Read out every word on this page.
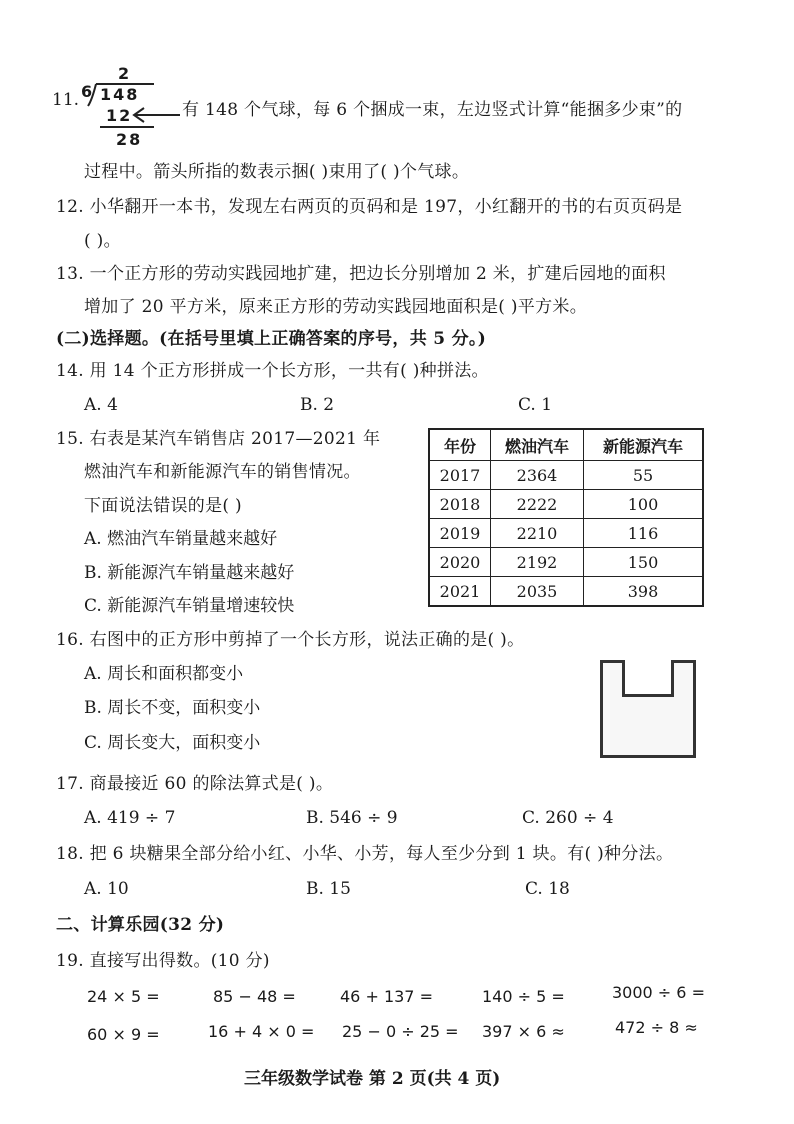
11. 6
2
148
12
28
有 148 个气球，每 6 个捆成一束，左边竖式计算“能捆多少束”的
过程中。箭头所指的数表示捆( )束用了( )个气球。
12. 小华翻开一本书，发现左右两页的页码和是 197，小红翻开的书的右页页码是
( )。
13. 一个正方形的劳动实践园地扩建，把边长分别增加 2 米，扩建后园地的面积
增加了 20 平方米，原来正方形的劳动实践园地面积是( )平方米。
(二)选择题。(在括号里填上正确答案的序号，共 5 分。)
14. 用 14 个正方形拼成一个长方形，一共有( )种拼法。
A. 4	B. 2	C. 1
15. 右表是某汽车销售店 2017—2021 年
燃油汽车和新能源汽车的销售情况。
下面说法错误的是( )
A. 燃油汽车销量越来越好
B. 新能源汽车销量越来越好
C. 新能源汽车销量增速较快
年份	燃油汽车	新能源汽车
2017	2364	55
2018	2222	100
2019	2210	116
2020	2192	150
2021	2035	398
16. 右图中的正方形中剪掉了一个长方形，说法正确的是( )。
A. 周长和面积都变小
B. 周长不变，面积变小
C. 周长变大，面积变小
17. 商最接近 60 的除法算式是( )。
A. 419 ÷ 7	B. 546 ÷ 9	C. 260 ÷ 4
18. 把 6 块糖果全部分给小红、小华、小芳，每人至少分到 1 块。有( )种分法。
A. 10	B. 15	C. 18
二、计算乐园(32 分)
19. 直接写出得数。(10 分)
24 × 5 =	85 − 48 =	46 + 137 =	140 ÷ 5 =	3000 ÷ 6 =
60 × 9 =	16 + 4 × 0 = 25 − 0 ÷ 25 = 397 × 6 ≈	472 ÷ 8 ≈
三年级数学试卷 第 2 页(共 4 页)
